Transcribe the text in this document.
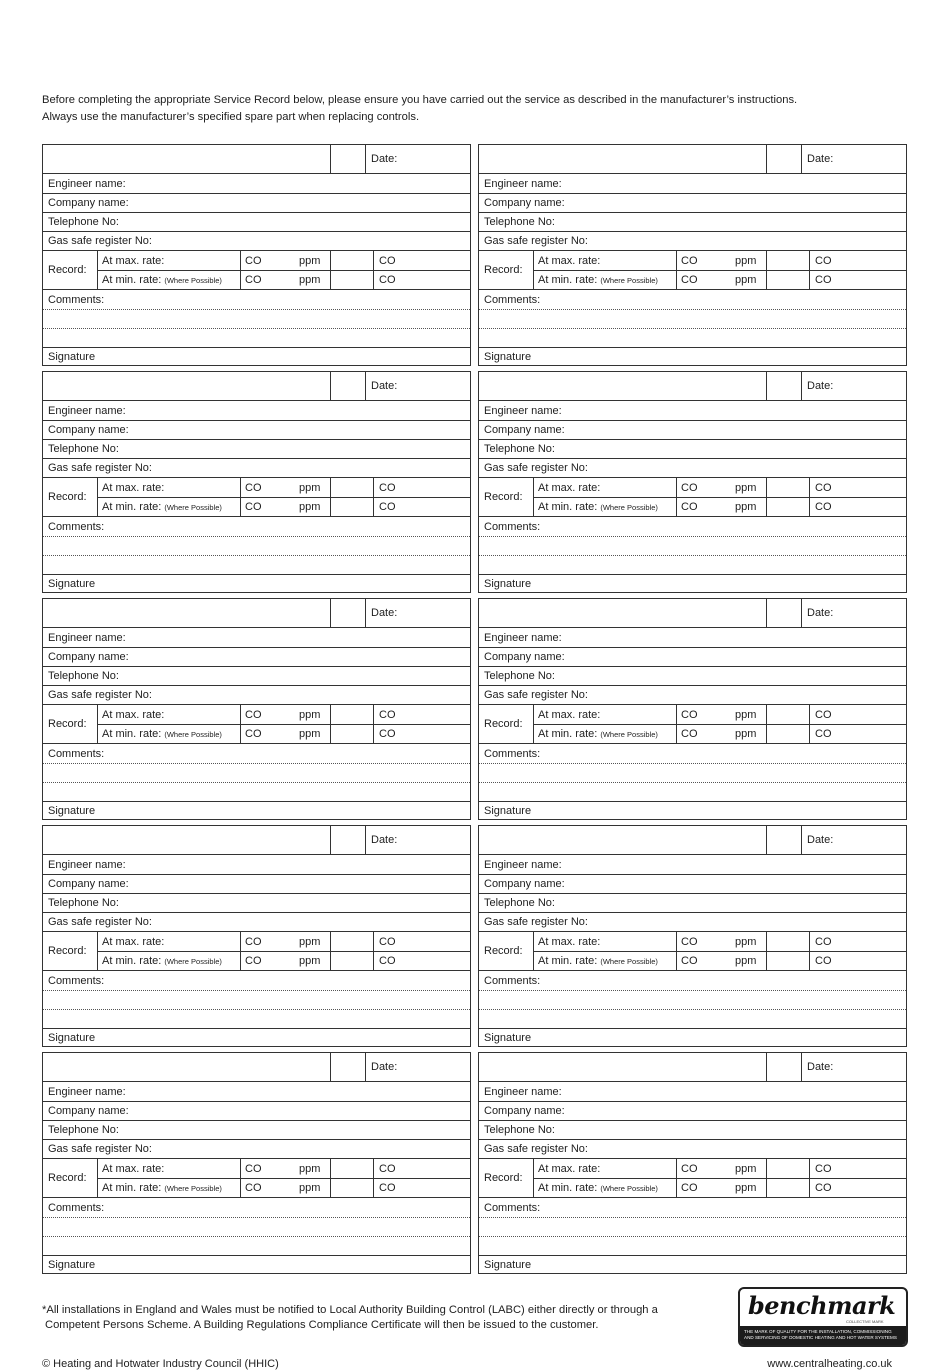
Before completing the appropriate Service Record below, please ensure you have carried out the service as described in the manufacturer’s instructions.
Always use the manufacturer’s specified spare part when replacing controls.
Date:
Engineer name:
Company name:
Telephone No:
Gas safe register No:
Record:
At max. rate:	CO	ppm	CO
At min. rate: (Where Possible) CO	ppm	CO
Comments:
Signature
Date:
Engineer name:
Company name:
Telephone No:
Gas safe register No:
Record:
At max. rate:	CO	ppm	CO
At min. rate: (Where Possible) CO	ppm	CO
Comments:
Signature
Date:
Engineer name:
Company name:
Telephone No:
Gas safe register No:
Record:
At max. rate:	CO	ppm	CO
At min. rate: (Where Possible) CO	ppm	CO
Comments:
Signature
Date:
Engineer name:
Company name:
Telephone No:
Gas safe register No:
Record:
At max. rate:	CO	ppm	CO
At min. rate: (Where Possible) CO	ppm	CO
Comments:
Signature
Date:
Engineer name:
Company name:
Telephone No:
Gas safe register No:
Record:
At max. rate:	CO	ppm	CO
At min. rate: (Where Possible) CO	ppm	CO
Comments:
Signature
Date:
Engineer name:
Company name:
Telephone No:
Gas safe register No:
Record:
At max. rate:	CO	ppm	CO
At min. rate: (Where Possible) CO	ppm	CO
Comments:
Signature
Date:
Engineer name:
Company name:
Telephone No:
Gas safe register No:
Record:
At max. rate:	CO	ppm	CO
At min. rate: (Where Possible) CO	ppm	CO
Comments:
Signature
Date:
Engineer name:
Company name:
Telephone No:
Gas safe register No:
Record:
At max. rate:	CO	ppm	CO
At min. rate: (Where Possible) CO	ppm	CO
Comments:
Signature
Date:
Engineer name:
Company name:
Telephone No:
Gas safe register No:
Record:
At max. rate:	CO	ppm	CO
At min. rate: (Where Possible) CO	ppm	CO
Comments:
Signature
Date:
Engineer name:
Company name:
Telephone No:
Gas safe register No:
Record:
At max. rate:	CO	ppm	CO
At min. rate: (Where Possible) CO	ppm	CO
Comments:
Signature
*All installations in England and Wales must be notified to Local Authority Building Control (LABC) either directly or through a
Competent Persons Scheme. A Building Regulations Compliance Certificate will then be issued to the customer.
benchmark
COLLECTIVE MARK
THE MARK OF QUALITY FOR THE INSTALLATION, COMMISSIONING
AND SERVICING OF DOMESTIC HEATING AND HOT WATER SYSTEMS
© Heating and Hotwater Industry Council (HHIC)	www.centralheating.co.uk
